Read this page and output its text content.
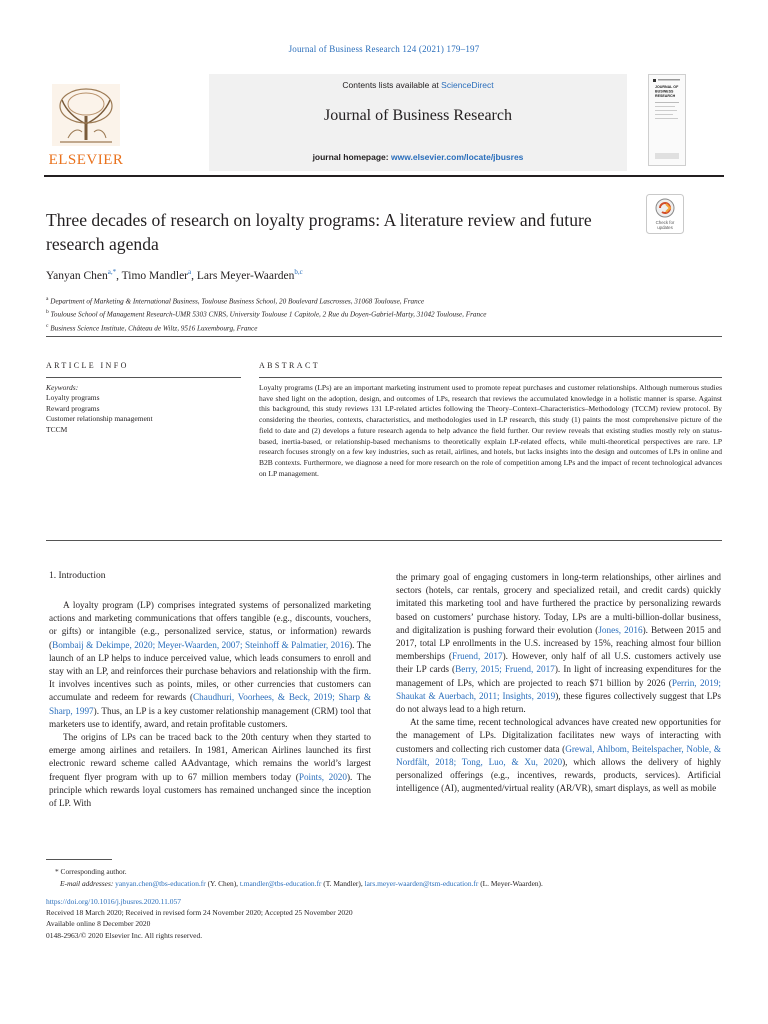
Journal of Business Research 124 (2021) 179–197
ELSEVIER
Contents lists available at ScienceDirect
Journal of Business Research
journal homepage: www.elsevier.com/locate/jbusres
JOURNAL OF BUSINESS RESEARCH
Three decades of research on loyalty programs: A literature review and future research agenda
Check for updates
Yanyan Chen$^{a,*}$, Timo Mandler$^a$, Lars Meyer-Waarden$^{b,c}$
$^a$ Department of Marketing & International Business, Toulouse Business School, 20 Boulevard Lascrosses, 31068 Toulouse, France
$^b$ Toulouse School of Management Research-UMR 5303 CNRS, University Toulouse 1 Capitole, 2 Rue du Doyen-Gabriel-Marty, 31042 Toulouse, France
$^c$ Business Science Institute, Château de Wiltz, 9516 Luxembourg, France
ARTICLE INFO
Keywords:
Loyalty programs
Reward programs
Customer relationship management
TCCM
ABSTRACT
Loyalty programs (LPs) are an important marketing instrument used to promote repeat purchases and customer relationships. Although numerous studies have shed light on the adoption, design, and outcomes of LPs, research that reviews the accumulated knowledge in a holistic manner is sparse. Against this background, this study reviews 131 LP-related articles following the Theory–Context–Characteristics–Methodology (TCCM) review protocol. By considering the theories, contexts, characteristics, and methodologies used in LP research, this study (1) paints the most comprehensive picture of the field to date and (2) develops a future research agenda to help advance the field further. Our review reveals that existing studies mostly rely on status-based, inertia-based, or relationship-based mechanisms to theoretically explain LP-related effects, while multi-theoretical perspectives are rare. LP research focuses strongly on a few key industries, such as retail, airlines, and hotels, but lacks insights into the design and outcomes of LPs in online and B2B contexts. Furthermore, we diagnose a need for more research on the role of competition among LPs and the impact of recent technological advances on LP management.
1. Introduction

A loyalty program (LP) comprises integrated systems of personalized marketing actions and marketing communications that offers tangible (e.g., discounts, vouchers, or gifts) or intangible (e.g., personalized service, status, or information) rewards (Bombaij & Dekimpe, 2020; Meyer-Waarden, 2007; Steinhoff & Palmatier, 2016). The launch of an LP helps to induce perceived value, which leads consumers to enroll and stay with an LP, and reinforces their purchase behaviors and relationship with the firm. It involves incentives such as points, miles, or other currencies that customers can accumulate and redeem for rewards (Chaudhuri, Voorhees, & Beck, 2019; Sharp & Sharp, 1997). Thus, an LP is a key customer relationship management (CRM) tool that marketers use to identify, award, and retain profitable customers.

The origins of LPs can be traced back to the 20th century when they started to emerge among airlines and retailers. In 1981, American Airlines launched its first electronic reward scheme called AAdvantage, which remains the world’s largest frequent flyer program with up to 67 million members today (Points, 2020). The principle which rewards loyal customers has remained unchanged since the inception of LP. With

the primary goal of engaging customers in long-term relationships, other airlines and sectors (hotels, car rentals, grocery and specialized retail, and credit cards) quickly imitated this marketing tool and have furthered the practice by personalizing rewards based on customers’ purchase history. Today, LPs are a multi-billion-dollar business, and digitalization is pushing forward their evolution (Jones, 2016). Between 2015 and 2017, total LP enrollments in the U.S. increased by 15%, reaching almost four billion memberships (Fruend, 2017). However, only half of all U.S. customers actively use their LP cards (Berry, 2015; Fruend, 2017). In light of increasing expenditures for the management of LPs, which are projected to reach $71 billion by 2026 (Perrin, 2019; Shaukat & Auerbach, 2011; Insights, 2019), these figures collectively suggest that LPs do not always lead to a high return.

At the same time, recent technological advances have created new opportunities for the management of LPs. Digitalization facilitates new ways of interacting with customers and collecting rich customer data (Grewal, Ahlbom, Beitelspacher, Noble, & Nordfält, 2018; Tong, Luo, & Xu, 2020), which allows the delivery of highly personalized offerings (e.g., incentives, rewards, products, services). Artificial intelligence (AI), augmented/virtual reality (AR/VR), smart displays, as well as mobile

* Corresponding author.
E-mail addresses: yanyan.chen@tbs-education.fr (Y. Chen), t.mandler@tbs-education.fr (T. Mandler), lars.meyer-waarden@tsm-education.fr (L. Meyer-Waarden).
https://doi.org/10.1016/j.jbusres.2020.11.057
Received 18 March 2020; Received in revised form 24 November 2020; Accepted 25 November 2020
Available online 8 December 2020
0148-2963/© 2020 Elsevier Inc. All rights reserved.
